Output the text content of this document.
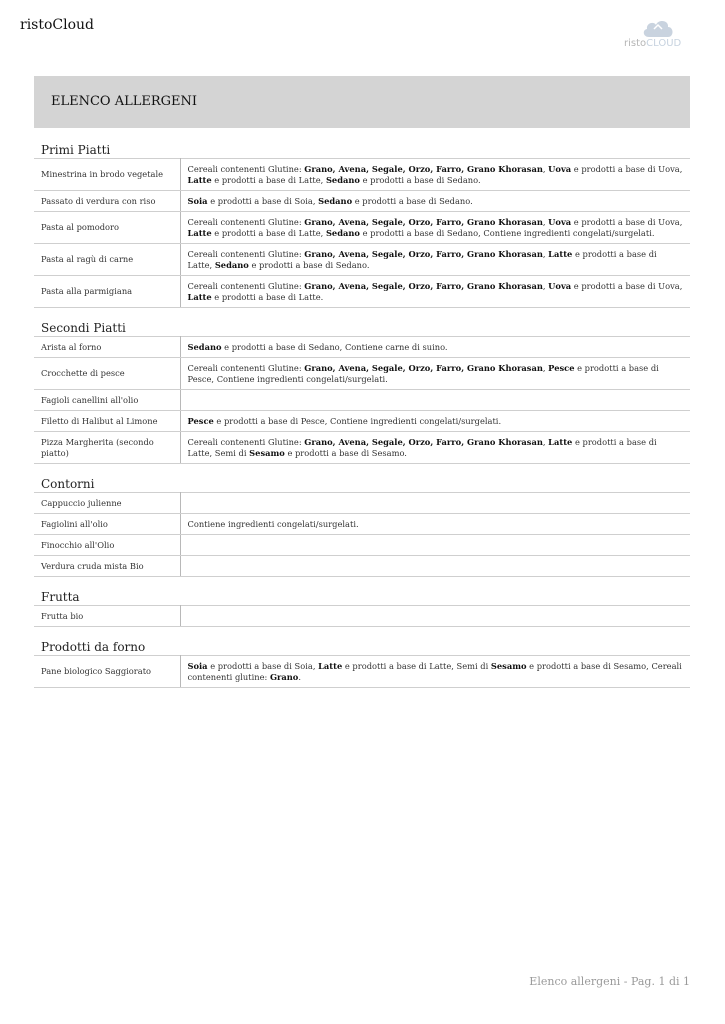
ristoCloud
ristoCLOUD
ELENCO ALLERGENI
Primi Piatti
Minestrina in brodo vegetale	Cereali contenenti Glutine: Grano, Avena, Segale, Orzo, Farro, Grano Khorasan, Uova e prodotti a base di Uova, Latte e prodotti a base di Latte, Sedano e prodotti a base di Sedano.
Passato di verdura con riso	Soia e prodotti a base di Soia, Sedano e prodotti a base di Sedano.
Pasta al pomodoro	Cereali contenenti Glutine: Grano, Avena, Segale, Orzo, Farro, Grano Khorasan, Uova e prodotti a base di Uova, Latte e prodotti a base di Latte, Sedano e prodotti a base di Sedano, Contiene ingredienti congelati/surgelati.
Pasta al ragù di carne	Cereali contenenti Glutine: Grano, Avena, Segale, Orzo, Farro, Grano Khorasan, Latte e prodotti a base di Latte, Sedano e prodotti a base di Sedano.
Pasta alla parmigiana	Cereali contenenti Glutine: Grano, Avena, Segale, Orzo, Farro, Grano Khorasan, Uova e prodotti a base di Uova, Latte e prodotti a base di Latte.
Secondi Piatti
Arista al forno	Sedano e prodotti a base di Sedano, Contiene carne di suino.
Crocchette di pesce	Cereali contenenti Glutine: Grano, Avena, Segale, Orzo, Farro, Grano Khorasan, Pesce e prodotti a base di Pesce, Contiene ingredienti congelati/surgelati.
Fagioli canellini all'olio	
Filetto di Halibut al Limone	Pesce e prodotti a base di Pesce, Contiene ingredienti congelati/surgelati.
Pizza Margherita (secondo piatto)	Cereali contenenti Glutine: Grano, Avena, Segale, Orzo, Farro, Grano Khorasan, Latte e prodotti a base di Latte, Semi di Sesamo e prodotti a base di Sesamo.
Contorni
Cappuccio julienne	
Fagiolini all'olio	Contiene ingredienti congelati/surgelati.
Finocchio all'Olio	
Verdura cruda mista Bio	
Frutta
Frutta bio	
Prodotti da forno
Pane biologico Saggiorato	Soia e prodotti a base di Soia, Latte e prodotti a base di Latte, Semi di Sesamo e prodotti a base di Sesamo, Cereali contenenti glutine: Grano.
Elenco allergeni - Pag. 1 di 1
